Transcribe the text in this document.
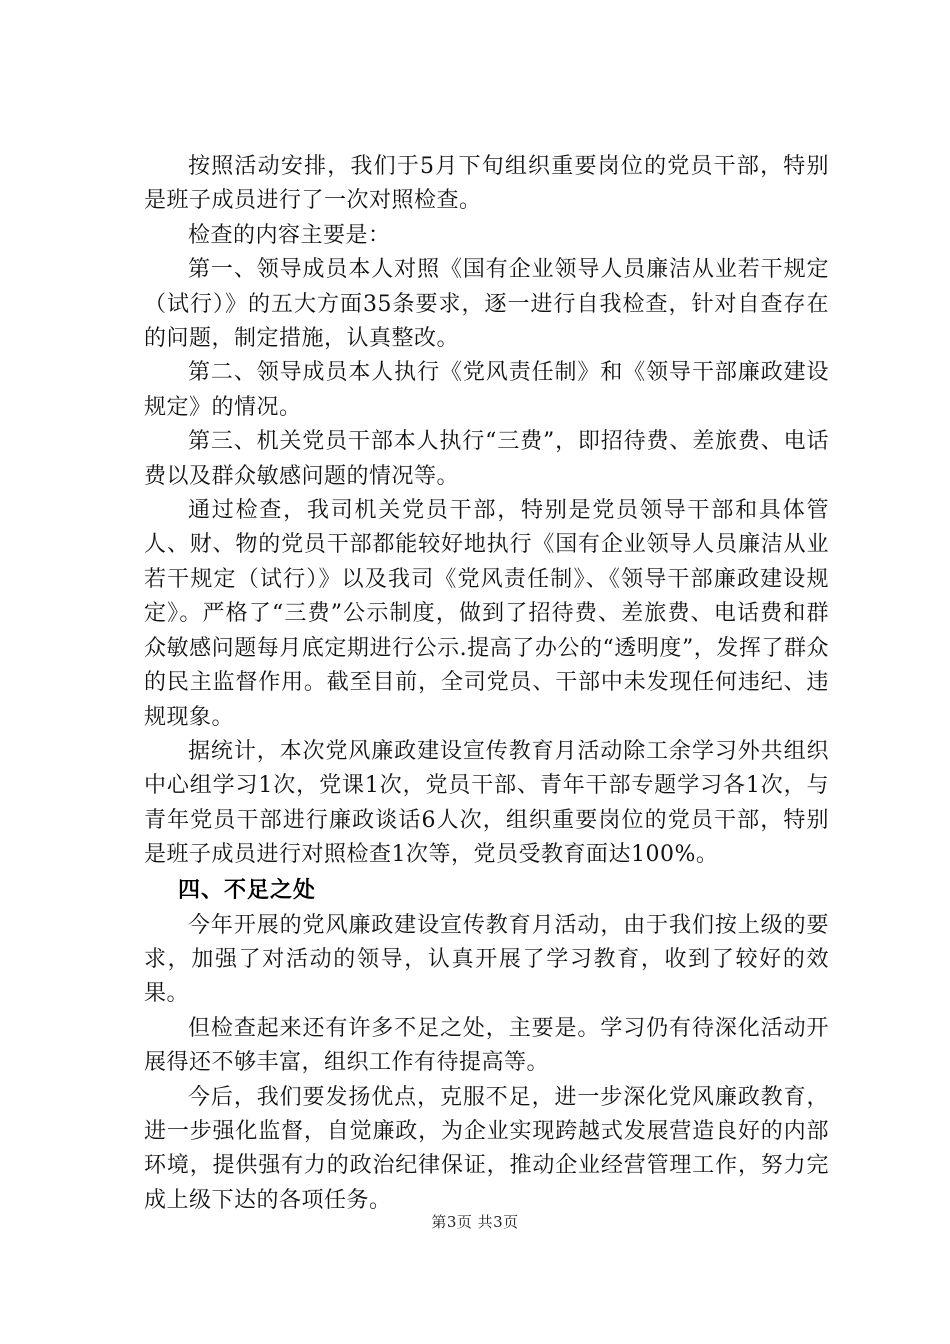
按照活动安排，我们于5月下旬组织重要岗位的党员干部，特别是班子成员进行了一次对照检查。

检查的内容主要是：

第一、领导成员本人对照《国有企业领导人员廉洁从业若干规定（试行）》的五大方面35条要求，逐一进行自我检查，针对自查存在的问题，制定措施，认真整改。

第二、领导成员本人执行《党风责任制》和《领导干部廉政建设规定》的情况。

第三、机关党员干部本人执行“三费”，即招待费、差旅费、电话费以及群众敏感问题的情况等。

通过检查，我司机关党员干部，特别是党员领导干部和具体管人、财、物的党员干部都能较好地执行《国有企业领导人员廉洁从业若干规定（试行）》以及我司《党风责任制》、《领导干部廉政建设规定》。严格了“三费”公示制度，做到了招待费、差旅费、电话费和群众敏感问题每月底定期进行公示.提高了办公的“透明度”，发挥了群众的民主监督作用。截至目前，全司党员、干部中未发现任何违纪、违规现象。

据统计，本次党风廉政建设宣传教育月活动除工余学习外共组织中心组学习1次，党课1次，党员干部、青年干部专题学习各1次，与青年党员干部进行廉政谈话6人次，组织重要岗位的党员干部，特别是班子成员进行对照检查1次等，党员受教育面达100%。

四、不足之处

今年开展的党风廉政建设宣传教育月活动，由于我们按上级的要求，加强了对活动的领导，认真开展了学习教育，收到了较好的效果。

但检查起来还有许多不足之处，主要是。学习仍有待深化活动开展得还不够丰富，组织工作有待提高等。

今后，我们要发扬优点，克服不足，进一步深化党风廉政教育，进一步强化监督，自觉廉政，为企业实现跨越式发展营造良好的内部环境，提供强有力的政治纪律保证，推动企业经营管理工作，努力完成上级下达的各项任务。

第3页 共3页
